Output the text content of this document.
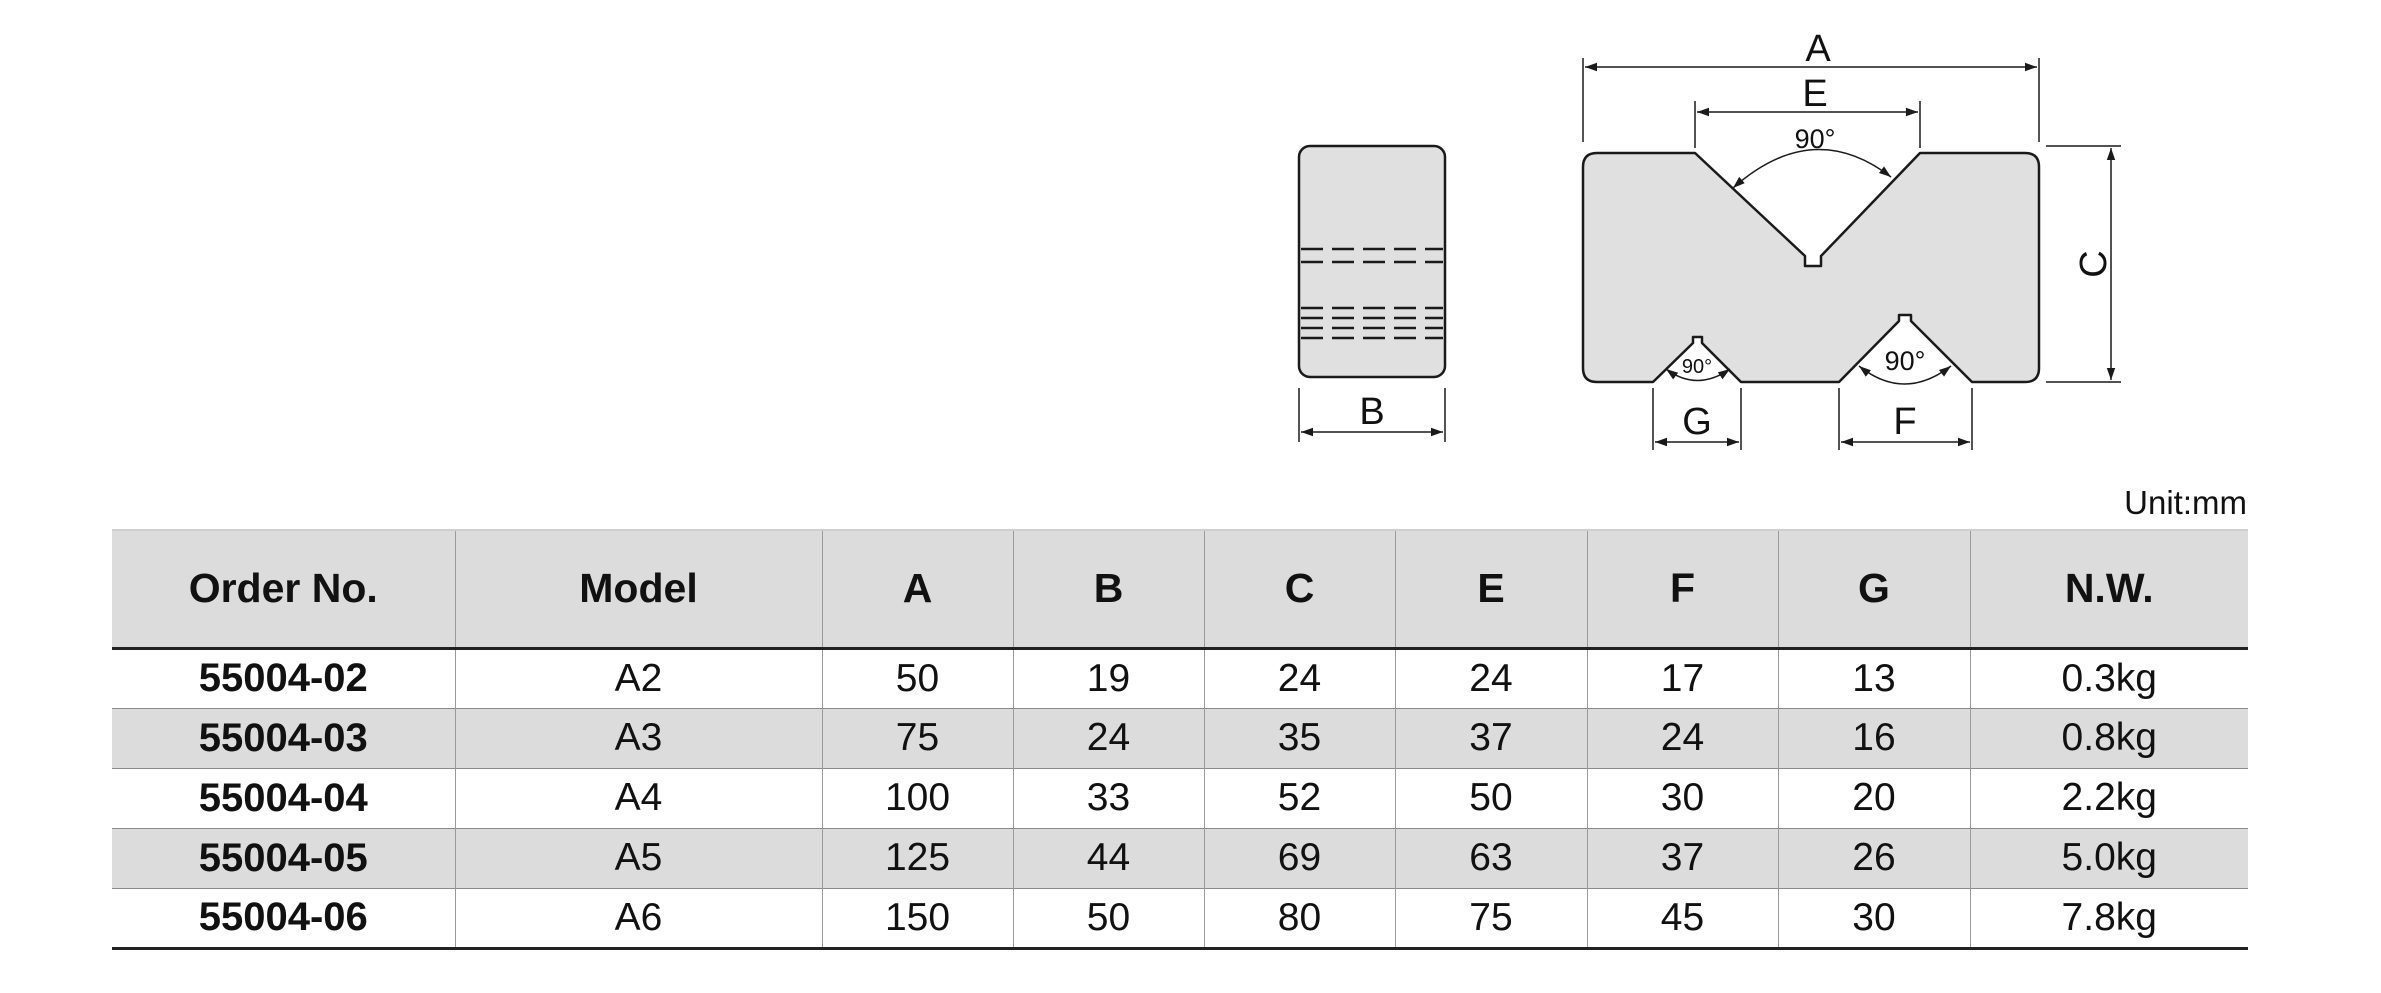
B
A
E
90°
C
90°	90°
G	F
Unit:mm
Order No.	Model	A	B	C	E	F	G	N.W.
55004-02	A2	50	19	24	24	17	13	0.3kg
55004-03	A3	75	24	35	37	24	16	0.8kg
55004-04	A4	100	33	52	50	30	20	2.2kg
55004-05	A5	125	44	69	63	37	26	5.0kg
55004-06	A6	150	50	80	75	45	30	7.8kg
